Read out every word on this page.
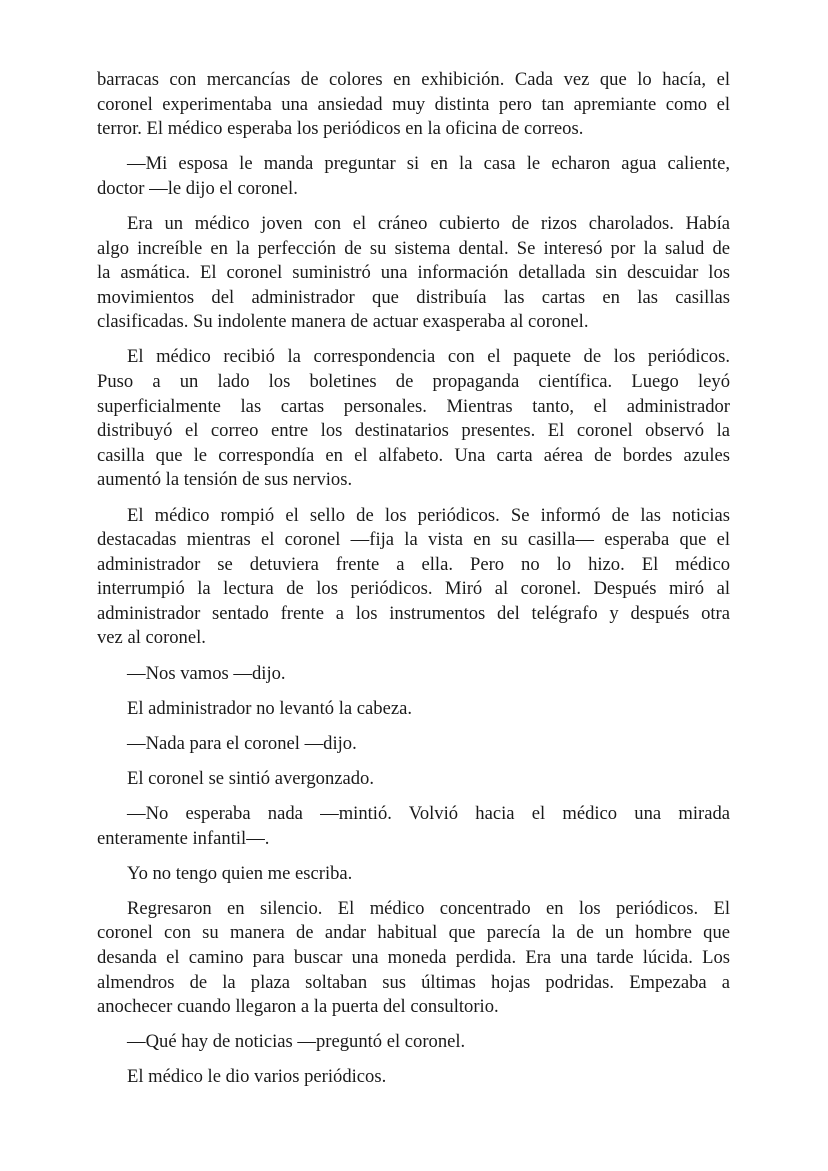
barracas con mercancías de colores en exhibición. Cada vez que lo hacía, el
coronel experimentaba una ansiedad muy distinta pero tan apremiante como el
terror. El médico esperaba los periódicos en la oficina de correos.
—Mi esposa le manda preguntar si en la casa le echaron agua caliente,
doctor —le dijo el coronel.
Era un médico joven con el cráneo cubierto de rizos charolados. Había
algo increíble en la perfección de su sistema dental. Se interesó por la salud de
la asmática. El coronel suministró una información detallada sin descuidar los
movimientos del administrador que distribuía las cartas en las casillas
clasificadas. Su indolente manera de actuar exasperaba al coronel.
El médico recibió la correspondencia con el paquete de los periódicos.
Puso a un lado los boletines de propaganda científica. Luego leyó
superficialmente las cartas personales. Mientras tanto, el administrador
distribuyó el correo entre los destinatarios presentes. El coronel observó la
casilla que le correspondía en el alfabeto. Una carta aérea de bordes azules
aumentó la tensión de sus nervios.
El médico rompió el sello de los periódicos. Se informó de las noticias
destacadas mientras el coronel —fija la vista en su casilla— esperaba que el
administrador se detuviera frente a ella. Pero no lo hizo. El médico
interrumpió la lectura de los periódicos. Miró al coronel. Después miró al
administrador sentado frente a los instrumentos del telégrafo y después otra
vez al coronel.
—Nos vamos —dijo.
El administrador no levantó la cabeza.
—Nada para el coronel —dijo.
El coronel se sintió avergonzado.
—No esperaba nada —mintió. Volvió hacia el médico una mirada
enteramente infantil—.
Yo no tengo quien me escriba.
Regresaron en silencio. El médico concentrado en los periódicos. El
coronel con su manera de andar habitual que parecía la de un hombre que
desanda el camino para buscar una moneda perdida. Era una tarde lúcida. Los
almendros de la plaza soltaban sus últimas hojas podridas. Empezaba a
anochecer cuando llegaron a la puerta del consultorio.
—Qué hay de noticias —preguntó el coronel.
El médico le dio varios periódicos.
